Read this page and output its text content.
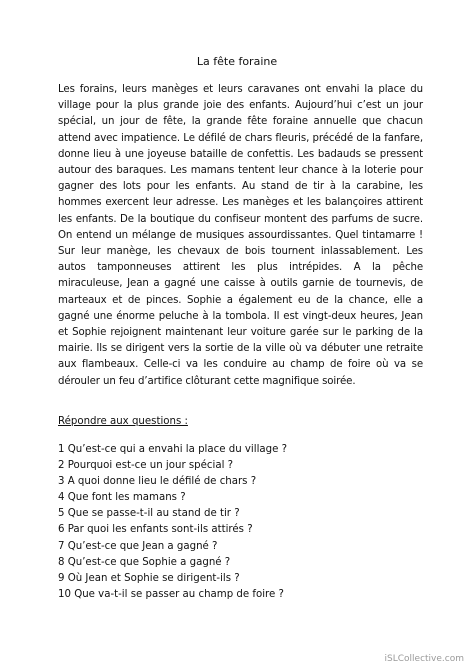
La fête foraine

Les forains, leurs manèges et leurs caravanes ont envahi la place du village pour la plus grande joie des enfants. Aujourd’hui c’est un jour spécial, un jour de fête, la grande fête foraine annuelle que chacun attend avec impatience. Le défilé de chars fleuris, précédé de la fanfare, donne lieu à une joyeuse bataille de confettis. Les badauds se pressent autour des baraques. Les mamans tentent leur chance à la loterie pour gagner des lots pour les enfants. Au stand de tir à la carabine, les hommes exercent leur adresse. Les manèges et les balançoires attirent les enfants. De la boutique du confiseur montent des parfums de sucre. On entend un mélange de musiques assourdissantes. Quel tintamarre ! Sur leur manège, les chevaux de bois tournent inlassablement. Les autos tamponneuses attirent les plus intrépides. A la pêche miraculeuse, Jean a gagné une caisse à outils garnie de tournevis, de marteaux et de pinces. Sophie a également eu de la chance, elle a gagné une énorme peluche à la tombola. Il est vingt-deux heures, Jean et Sophie rejoignent maintenant leur voiture garée sur le parking de la mairie. Ils se dirigent vers la sortie de la ville où va débuter une retraite aux flambeaux. Celle-ci va les conduire au champ de foire où va se dérouler un feu d’artifice clôturant cette magnifique soirée.

Répondre aux questions :
1 Qu’est-ce qui a envahi la place du village ?
2 Pourquoi est-ce un jour spécial ?
3 A quoi donne lieu le défilé de chars ?
4 Que font les mamans ?
5 Que se passe-t-il au stand de tir ?
6 Par quoi les enfants sont-ils attirés ?
7 Qu’est-ce que Jean a gagné ?
8 Qu’est-ce que Sophie a gagné ?
9 Où Jean et Sophie se dirigent-ils ?
10 Que va-t-il se passer au champ de foire ?
iSLCollective.com
